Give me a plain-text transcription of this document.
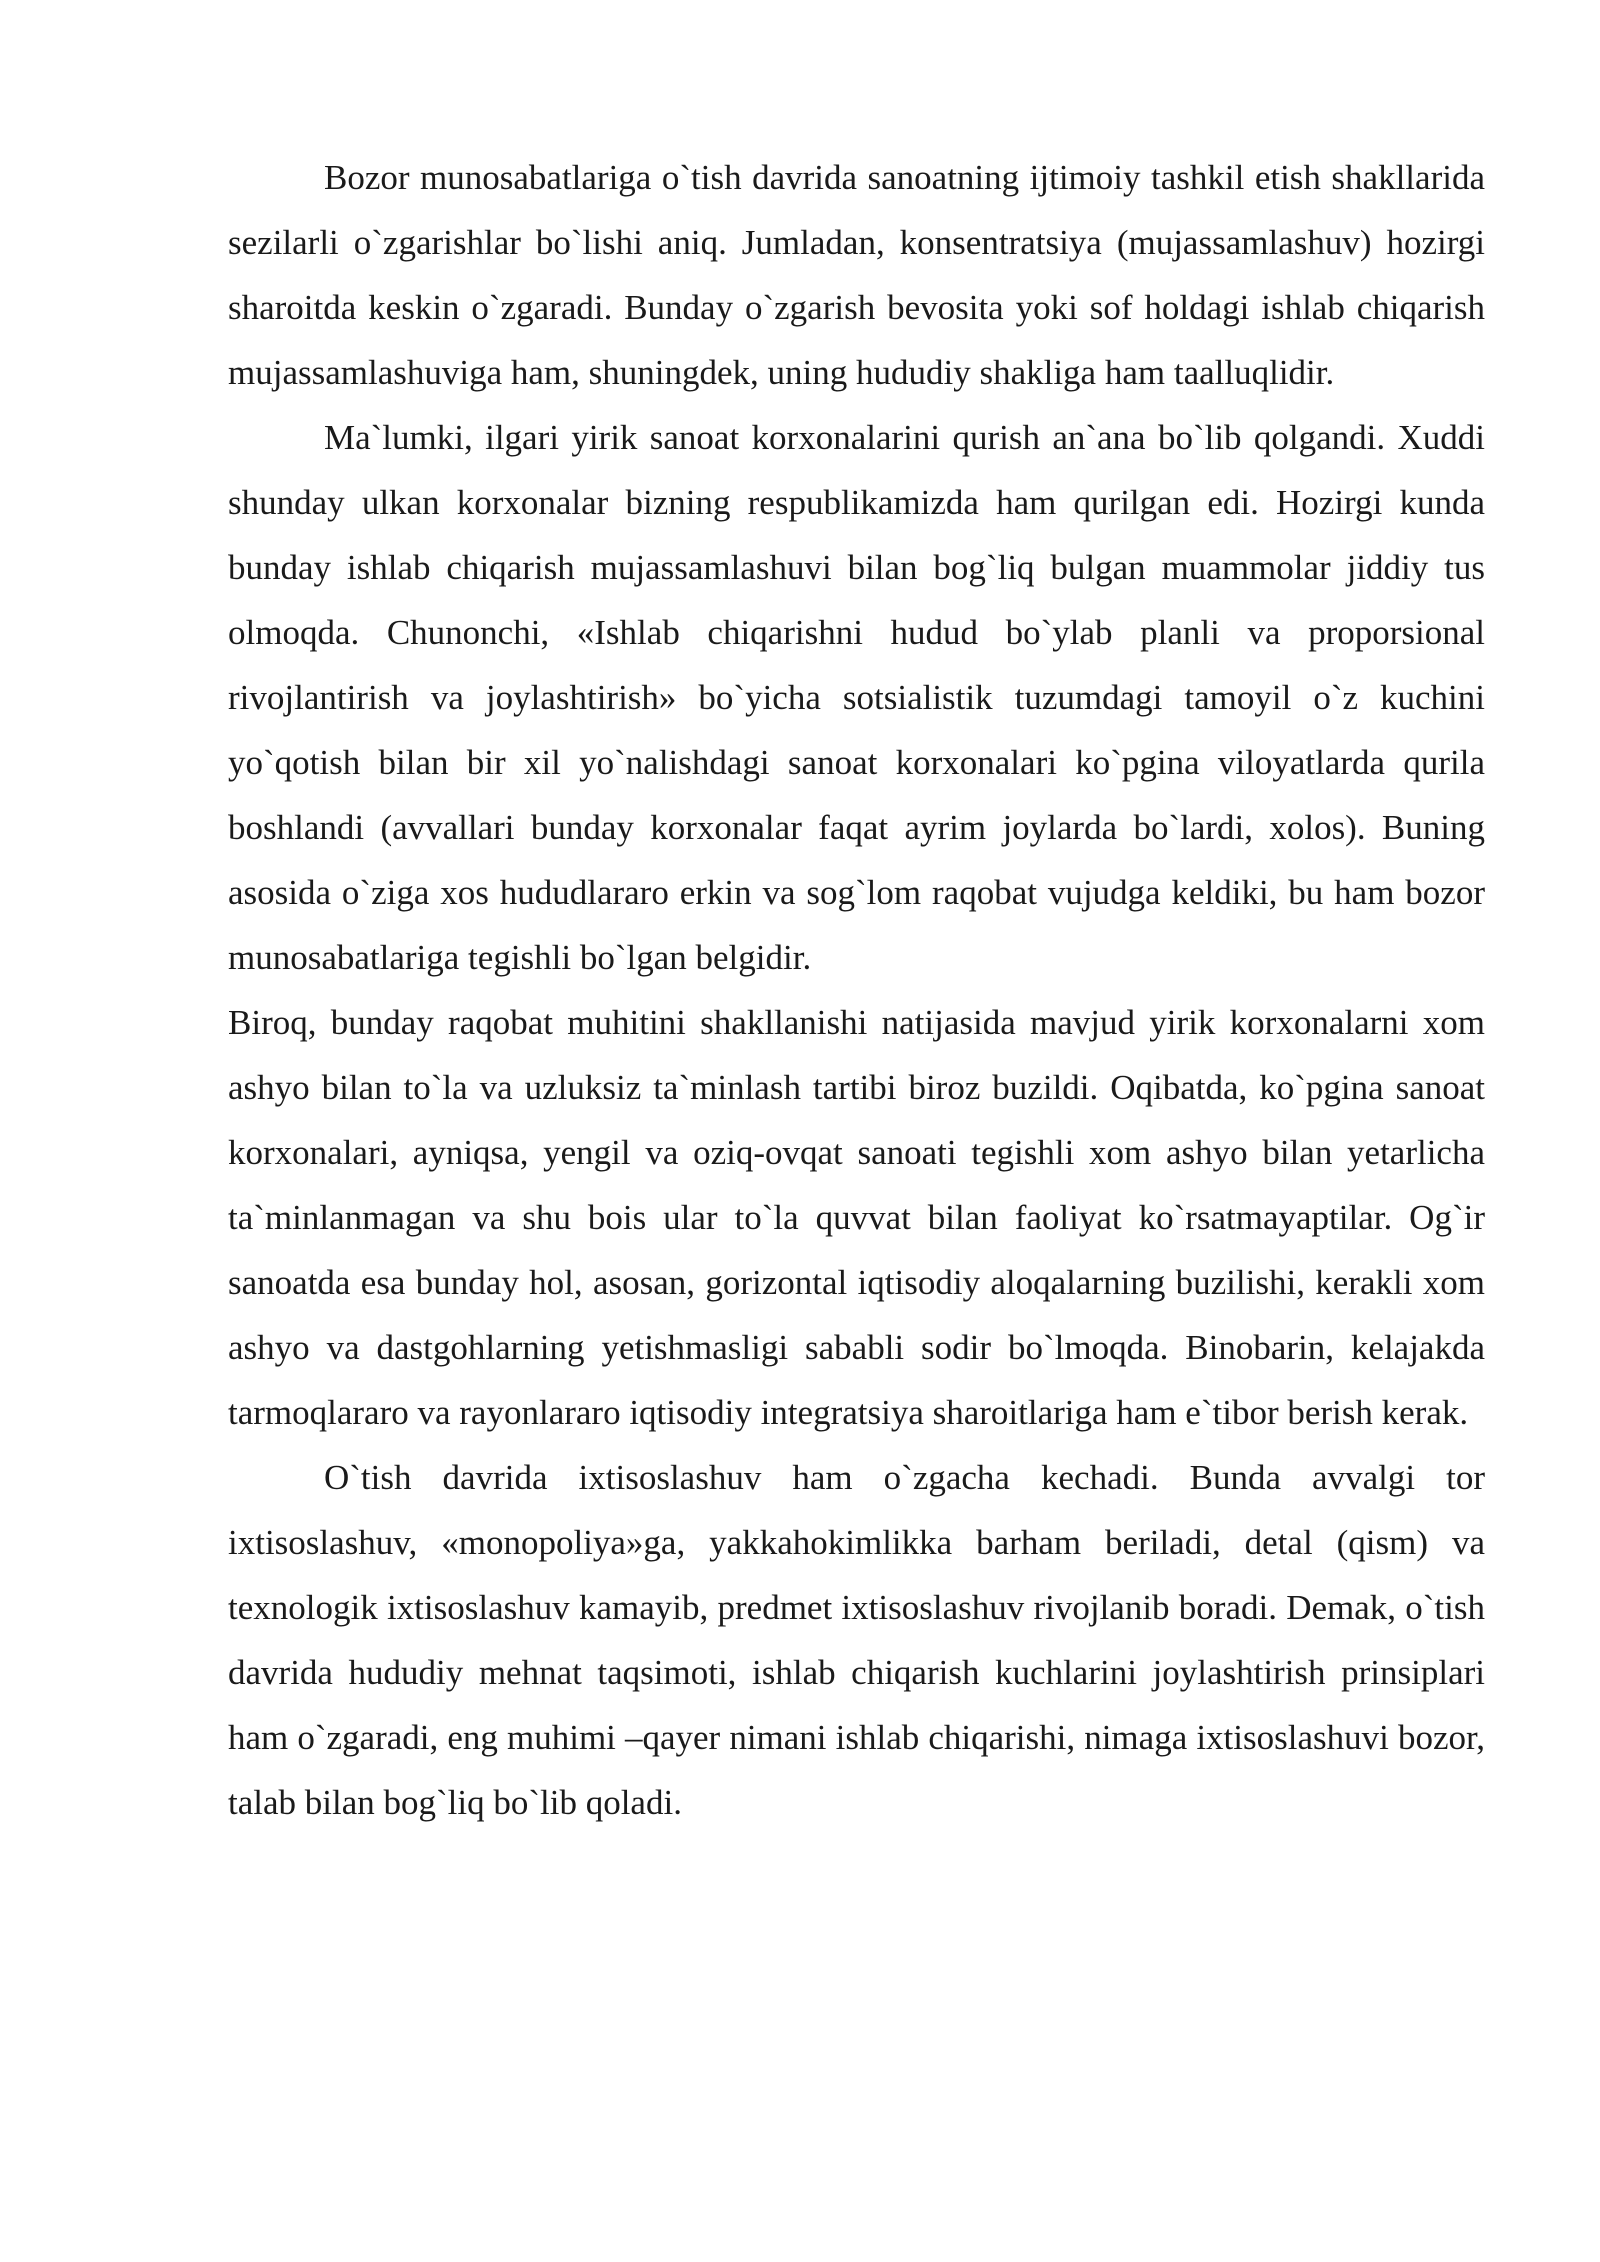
Bozor munosabatlariga o`tish davrida sanoatning ijtimoiy tashkil etish shakllarida sezilarli o`zgarishlar bo`lishi aniq. Jumladan, konsentratsiya (mujassamlashuv) hozirgi sharoitda keskin o`zgaradi. Bunday o`zgarish bevosita yoki sof holdagi ishlab chiqarish mujassamlashuviga ham, shuningdek, uning hududiy shakliga ham taalluqlidir.

Ma`lumki, ilgari yirik sanoat korxonalarini qurish an`ana bo`lib qolgandi. Xuddi shunday ulkan korxonalar bizning respublikamizda ham qurilgan edi. Hozirgi kunda bunday ishlab chiqarish mujassamlashuvi bilan bog`liq bulgan muammolar jiddiy tus olmoqda. Chunonchi, «Ishlab chiqarishni hudud bo`ylab planli va proporsional rivojlantirish va joylashtirish» bo`yicha sotsialistik tuzumdagi tamoyil o`z kuchini yo`qotish bilan bir xil yo`nalishdagi sanoat korxonalari ko`pgina viloyatlarda qurila boshlandi (avvallari bunday korxonalar faqat ayrim joylarda bo`lardi, xolos). Buning asosida o`ziga xos hududlararo erkin va sog`lom raqobat vujudga keldiki, bu ham bozor munosabatlariga tegishli bo`lgan belgidir.

Biroq, bunday raqobat muhitini shakllanishi natijasida mavjud yirik korxonalarni xom ashyo bilan to`la va uzluksiz ta`minlash tartibi biroz buzildi. Oqibatda, ko`pgina sanoat korxonalari, ayniqsa, yengil va oziq-ovqat sanoati tegishli xom ashyo bilan yetarlicha ta`minlanmagan va shu bois ular to`la quvvat bilan faoliyat ko`rsatmayaptilar. Og`ir sanoatda esa bunday hol, asosan, gorizontal iqtisodiy aloqalarning buzilishi, kerakli xom ashyo va dastgohlarning yetishmasligi sababli sodir bo`lmoqda. Binobarin, kelajakda tarmoqlararo va rayonlararo iqtisodiy integratsiya sharoitlariga ham e`tibor berish kerak.

O`tish davrida ixtisoslashuv ham o`zgacha kechadi. Bunda avvalgi tor ixtisoslashuv, «monopoliya»ga, yakkahokimlikka barham beriladi, detal (qism) va texnologik ixtisoslashuv kamayib, predmet ixtisoslashuv rivojlanib boradi. Demak, o`tish davrida hududiy mehnat taqsimoti, ishlab chiqarish kuchlarini joylashtirish prinsiplari ham o`zgaradi, eng muhimi –qayer nimani ishlab chiqarishi, nimaga ixtisoslashuvi bozor, talab bilan bog`liq bo`lib qoladi.
